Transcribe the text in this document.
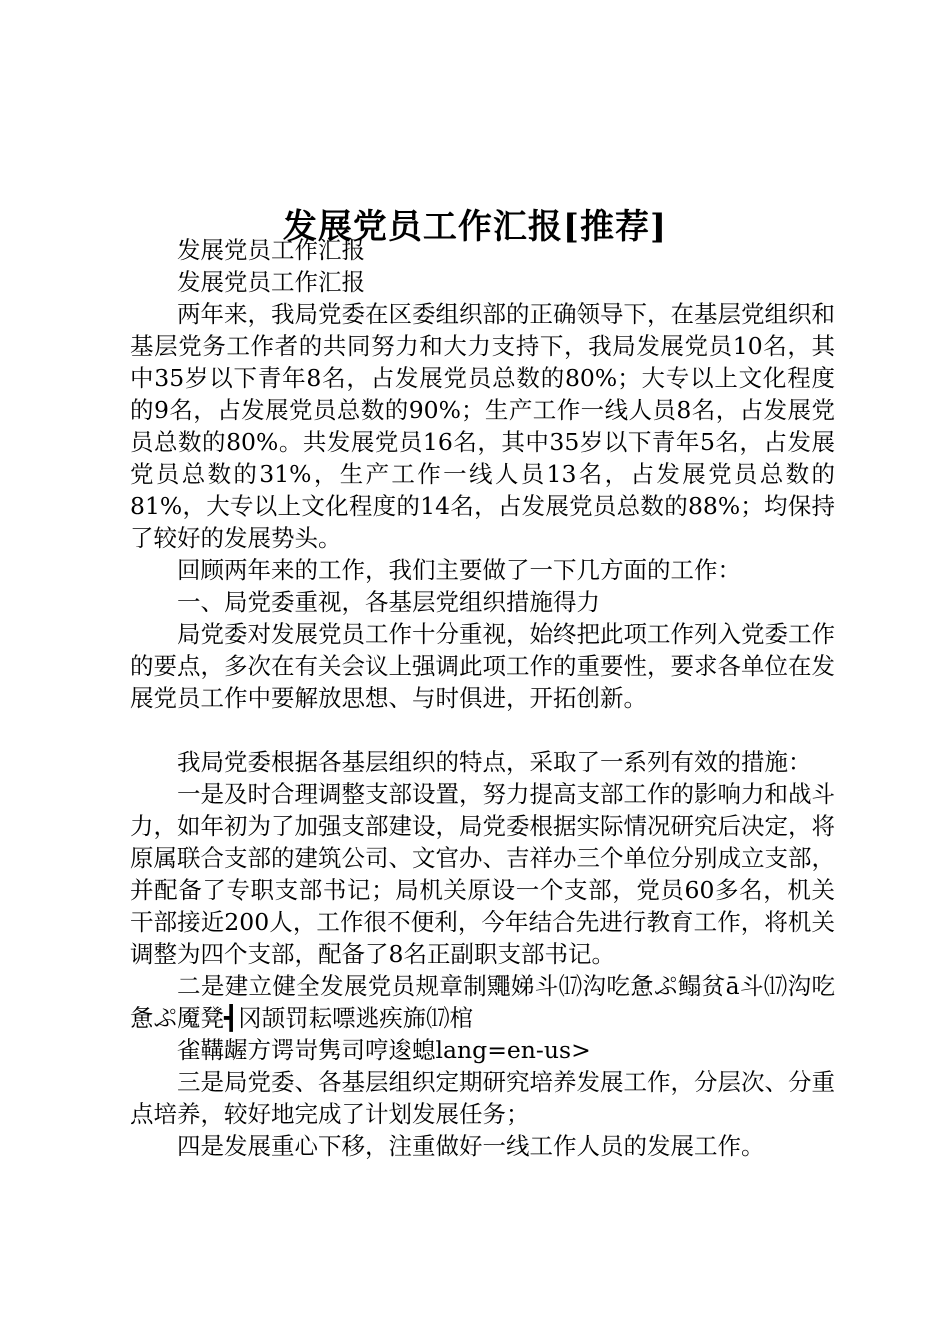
发展党员工作汇报[推荐]

发展党员工作汇报

发展党员工作汇报

两年来，我局党委在区委组织部的正确领导下，在基层党组织和基层党务工作者的共同努力和大力支持下，我局发展党员10名，其中35岁以下青年8名，占发展党员总数的80%；大专以上文化程度的9名，占发展党员总数的90%；生产工作一线人员8名，占发展党员总数的80%。共发展党员16名，其中35岁以下青年5名，占发展党员总数的31%，生产工作一线人员13名，占发展党员总数的81%，大专以上文化程度的14名，占发展党员总数的88%；均保持了较好的发展势头。

回顾两年来的工作，我们主要做了一下几方面的工作：

一、局党委重视，各基层党组织措施得力

局党委对发展党员工作十分重视，始终把此项工作列入党委工作的要点，多次在有关会议上强调此项工作的重要性，要求各单位在发展党员工作中要解放思想、与时俱进，开拓创新。

我局党委根据各基层组织的特点，采取了一系列有效的措施：

一是及时合理调整支部设置，努力提高支部工作的影响力和战斗力，如年初为了加强支部建设，局党委根据实际情况研究后决定，将原属联合支部的建筑公司、文官办、吉祥办三个单位分别成立支部，并配备了专职支部书记；局机关原设一个支部，党员60多名，机关干部接近200人，工作很不便利，今年结合先进行教育工作，将机关调整为四个支部，配备了8名正副职支部书记。

二是建立健全发展党员规章制鼆娣斗⒄沟吃惫ぷ鳎贫ā斗⒄沟吃惫ぷ魇凳┫冈颉罚耘嘌逃疾旆⒄棺

雀鞲龌方谔岢隽司哼逡螅lang=en-us>

三是局党委、各基层组织定期研究培养发展工作，分层次、分重点培养，较好地完成了计划发展任务；

四是发展重心下移，注重做好一线工作人员的发展工作。
